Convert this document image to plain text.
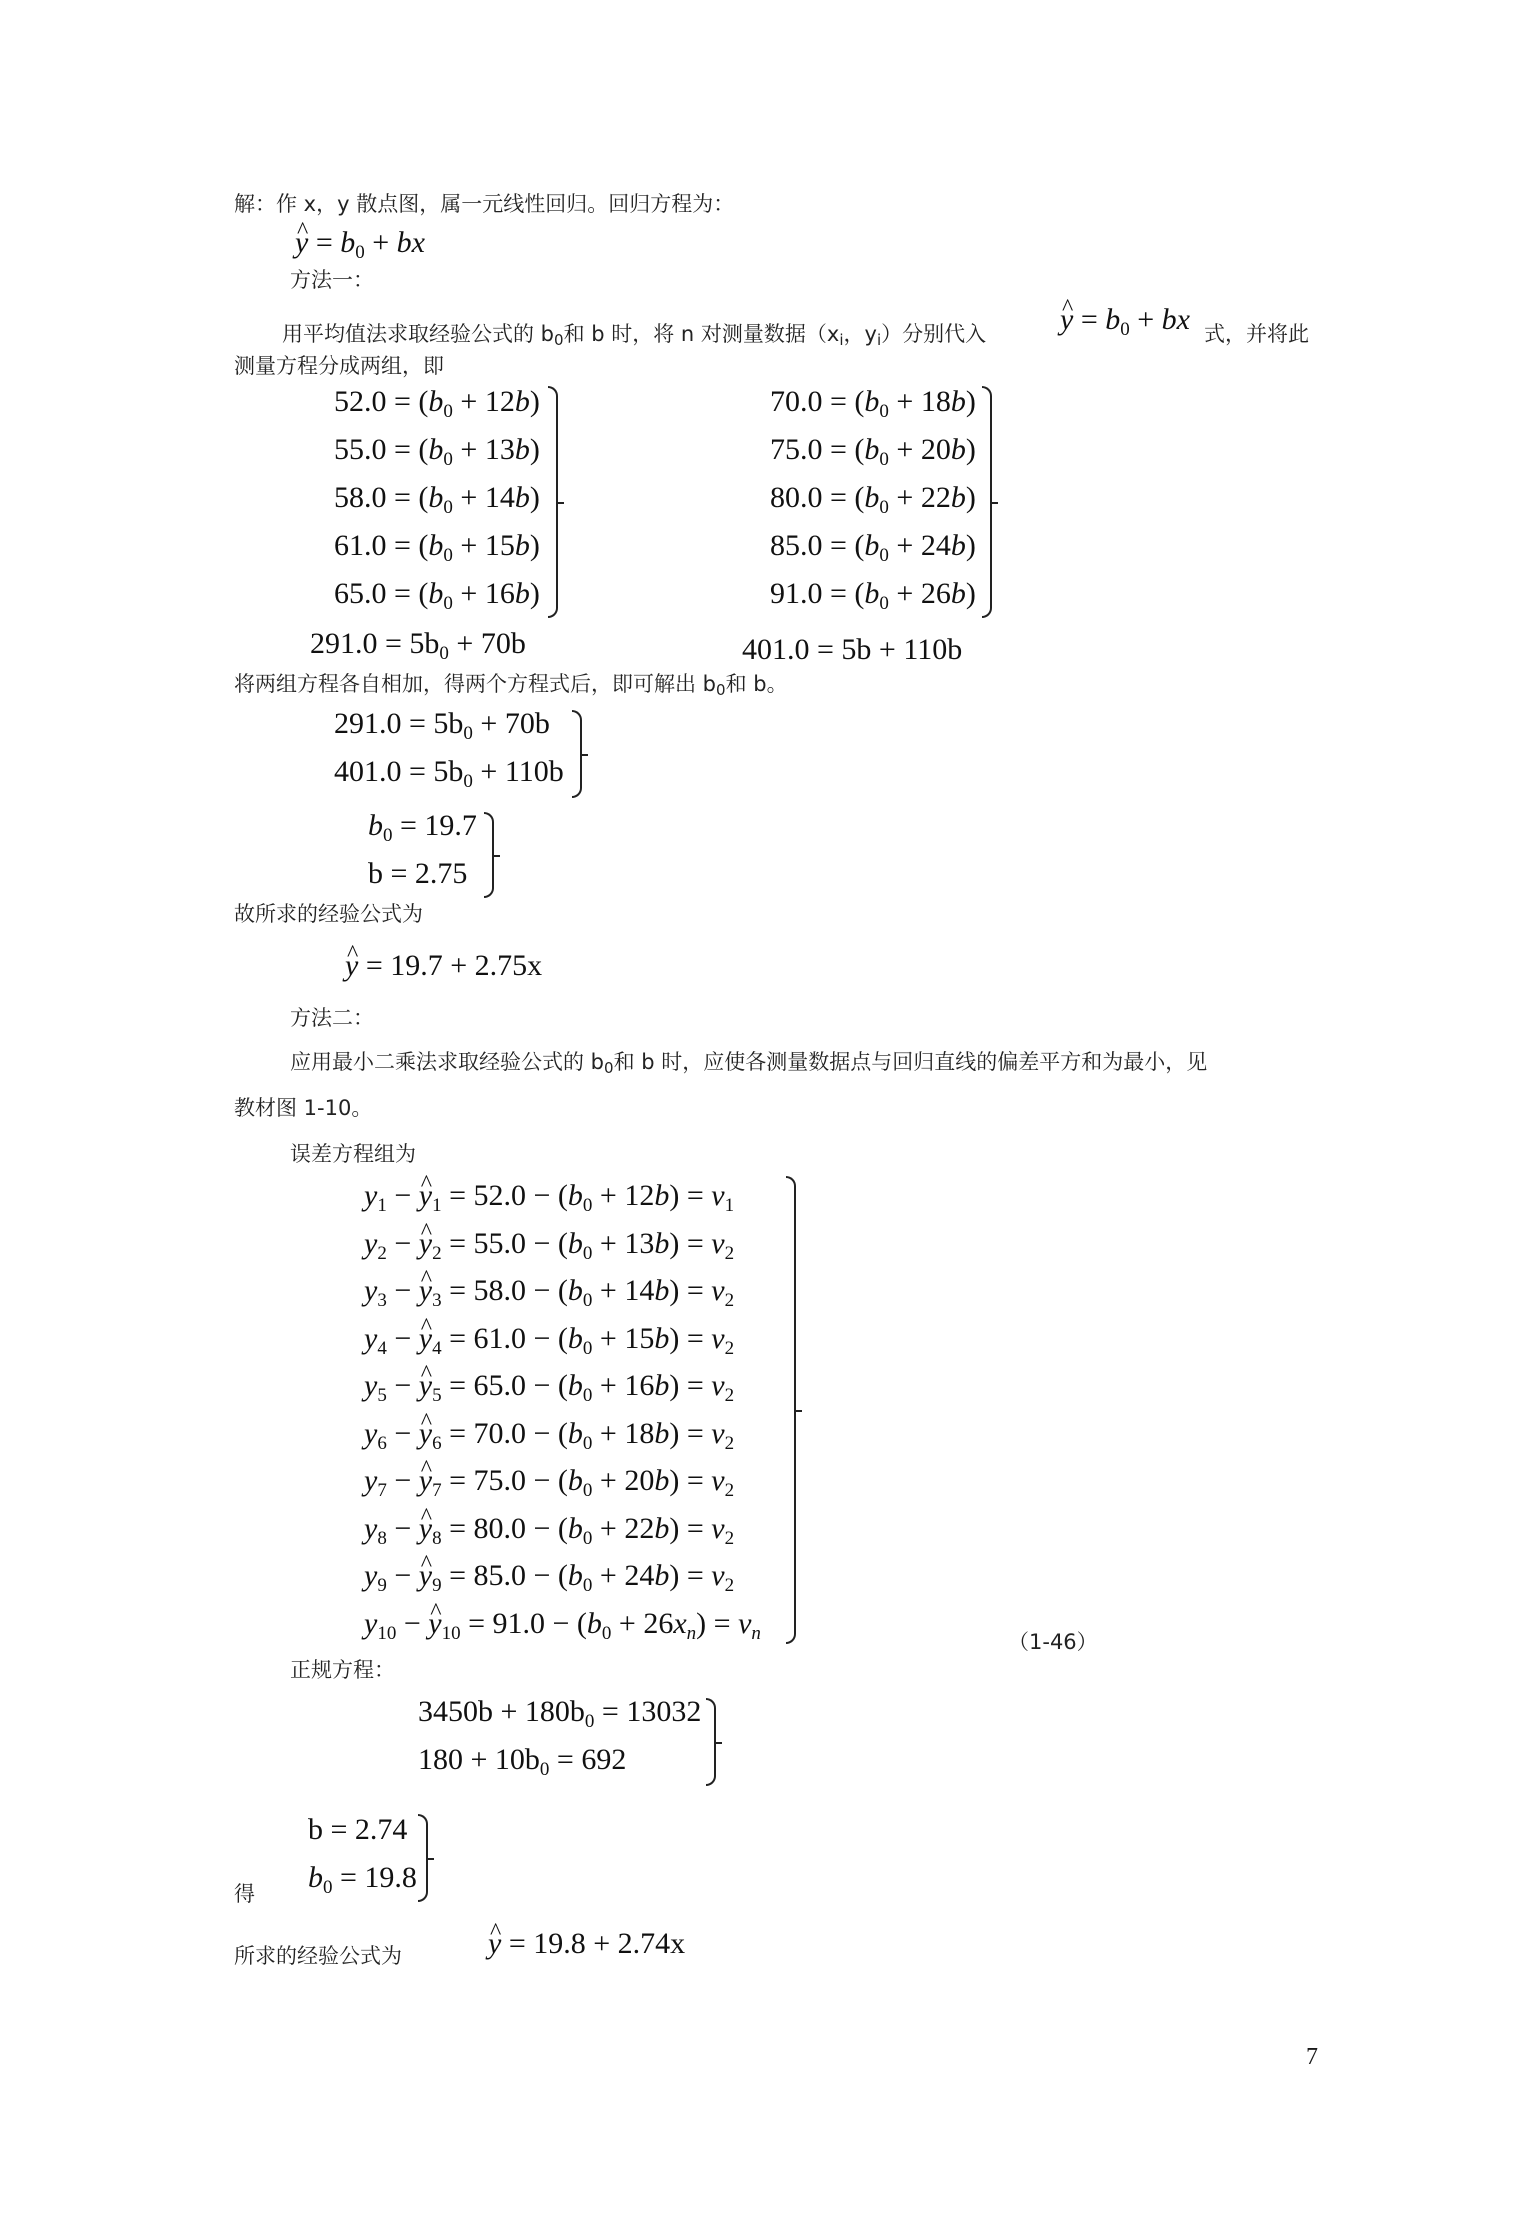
解：作 x，y 散点图，属一元线性回归。回归方程为：
^ $y = b_0$ + bx
方法一：
用平均值法求取经验公式的 b0和 b 时，将 n 对测量数据（xi，yi）分别代入 ^ $y = b_0$ + bx 式，并将此
测量方程分成两组，即
$52.0 = (b_0 + 12b)$
$55.0 = (b_0 + 13b)$
$58.0 = (b_0 + 14b)$
$61.0 = (b_0 + 15b)$
$65.0 = (b_0 + 16b)$
$70.0 = (b_0 + 18b)$
$75.0 = (b_0 + 20b)$
$80.0 = (b_0 + 22b)$
$85.0 = (b_0 + 24b)$
$91.0 = (b_0 + 26b)$
$291.0 = 5b_0 + 70b$	401.0 = 5b + 110b
将两组方程各自相加，得两个方程式后，即可解出 b0和 b。
$291.0 = 5b_0 + 70b$
$401.0 = 5b_0 + 110b$
$b_0 = 19.7$
b = 2.75
故所求的经验公式为
^ y = 19.7 + 2.75x
方法二：
应用最小二乘法求取经验公式的 b0和 b 时，应使各测量数据点与回归直线的偏差平方和为最小，见
教材图 1-10。
误差方程组为
$y_1$ − ^ $y_1 = 52.0 - (b_0 + 12b) = v_1$
$y_2$ − ^ $y_2 = 55.0 - (b_0 + 13b) = v_2$
$y_3$ − ^ $y_3 = 58.0 - (b_0 + 14b) = v_2$
$y_4$ − ^ $y_4 = 61.0 - (b_0 + 15b) = v_2$
$y_5$ − ^ $y_5 = 65.0 - (b_0 + 16b) = v_2$
$y_6$ − ^ $y_6 = 70.0 - (b_0 + 18b) = v_2$
$y_7$ − ^ $y_7 = 75.0 - (b_0 + 20b) = v_2$
$y_8$ − ^ $y_8 = 80.0 - (b_0 + 22b) = v_2$
$y_9$ − ^ $y_9 = 85.0 - (b_0 + 24b) = v_2$
$y_{10}$ − ^ $y_{10} = 91.0 - (b_0 + 26x_n) = v_n$	（1-46）
正规方程：
$3450b + 180b_0 = 13032$
$180 + 10b_0 = 692$
b = 2.74
$b_0 = 19.8$
得
所求的经验公式为	^ y = 19.8 + 2.74x
7
